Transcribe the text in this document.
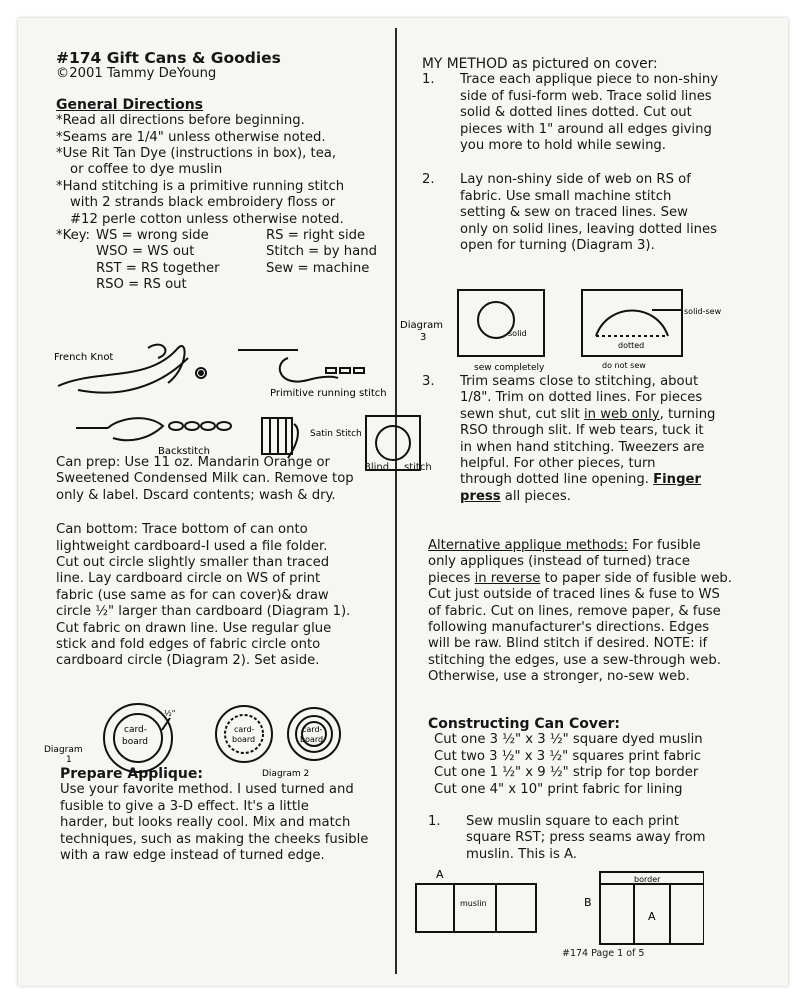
#174 Gift Cans & Goodies

©2001 Tammy DeYoung

General Directions

*Read all directions before beginning.

*Seams are 1/4" unless otherwise noted.

*Use Rit Tan Dye (instructions in box), tea,

or coffee to dye muslin

*Hand stitching is a primitive running stitch

with 2 strands black embroidery floss or

#12 perle cotton unless otherwise noted.

*Key: WS = wrong side	RS = right side
WSO = WS out	Stitch = by hand
RST = RS together	Sew = machine
RSO = RS out
French Knot
Primitive running stitch
Backstitch
Satin Stitch
Blind stitch

Can prep: Use 11 oz. Mandarin Orange or

Sweetened Condensed Milk can. Remove top

only & label. Dscard contents; wash & dry.

Can bottom: Trace bottom of can onto

lightweight cardboard-I used a file folder.

Cut out circle slightly smaller than traced

line. Lay cardboard circle on WS of print

fabric (use same as for can cover)& draw

circle ½" larger than cardboard (Diagram 1).

Cut fabric on drawn line. Use regular glue

stick and fold edges of fabric circle onto

cardboard circle (Diagram 2). Set aside.

card-
board
½"
Diagram
1
card-
board
card-
board
Diagram 2

Prepare Applique:

Use your favorite method. I used turned and

fusible to give a 3-D effect. It's a little

harder, but looks really cool. Mix and match

techniques, such as making the cheeks fusible

with a raw edge instead of turned edge.

MY METHOD as pictured on cover:

1.	Trace each applique piece to non-shiny

side of fusi-form web. Trace solid lines

solid & dotted lines dotted. Cut out

pieces with 1" around all edges giving

you more to hold while sewing.

2.	Lay non-shiny side of web on RS of

fabric. Use small machine stitch

setting & sew on traced lines. Sew

only on solid lines, leaving dotted lines

open for turning (Diagram 3).

Diagram
3	solid
sew completely
solid-sew
dotted
do not sew
3.	Trim seams close to stitching, about

1/8". Trim on dotted lines. For pieces

sewn shut, cut slit in web only, turning

RSO through slit. If web tears, tuck it

in when hand stitching. Tweezers are

helpful. For other pieces, turn

through dotted line opening. Finger

press all pieces.

Alternative applique methods: For fusible

only appliques (instead of turned) trace

pieces in reverse to paper side of fusible web.

Cut just outside of traced lines & fuse to WS

of fabric. Cut on lines, remove paper, & fuse

following manufacturer's directions. Edges

will be raw. Blind stitch if desired. NOTE: if

stitching the edges, use a sew-through web.

Otherwise, use a stronger, no-sew web.

Constructing Can Cover:

Cut one 3 ½" x 3 ½" square dyed muslin

Cut two 3 ½" x 3 ½" squares print fabric

Cut one 1 ½" x 9 ½" strip for top border

Cut one 4" x 10" print fabric for lining

1.	Sew muslin square to each print

square RST; press seams away from

muslin. This is A.

A
muslin	B
border
A
#174 Page 1 of 5
